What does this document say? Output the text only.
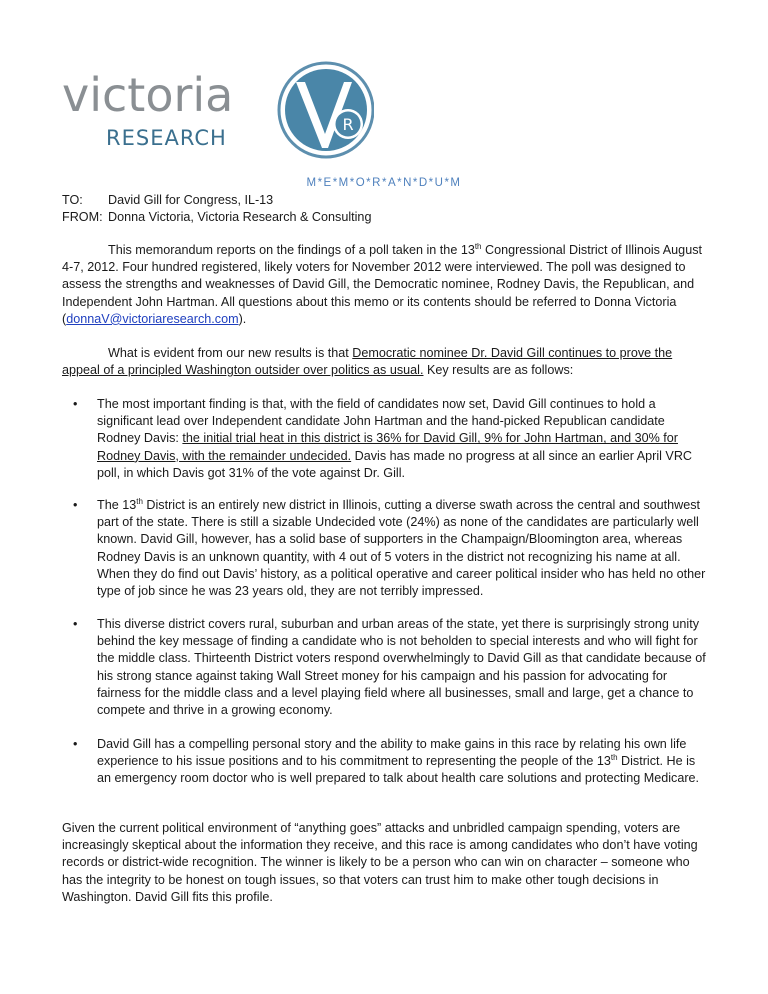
victoria
RESEARCH
R
M*E*M*O*R*A*N*D*U*M
TO: David Gill for Congress, IL-13
FROM: Donna Victoria, Victoria Research & Consulting

This memorandum reports on the findings of a poll taken in the 13th Congressional District of Illinois August 4-7, 2012. Four hundred registered, likely voters for November 2012 were interviewed. The poll was designed to assess the strengths and weaknesses of David Gill, the Democratic nominee, Rodney Davis, the Republican, and Independent John Hartman. All questions about this memo or its contents should be referred to Donna Victoria (donnaV@victoriaresearch.com).

What is evident from our new results is that Democratic nominee Dr. David Gill continues to prove the appeal of a principled Washington outsider over politics as usual. Key results are as follows:

• The most important finding is that, with the field of candidates now set, David Gill continues to hold a significant lead over Independent candidate John Hartman and the hand-picked Republican candidate Rodney Davis: the initial trial heat in this district is 36% for David Gill, 9% for John Hartman, and 30% for Rodney Davis, with the remainder undecided. Davis has made no progress at all since an earlier April VRC poll, in which Davis got 31% of the vote against Dr. Gill.
• The 13th District is an entirely new district in Illinois, cutting a diverse swath across the central and southwest part of the state. There is still a sizable Undecided vote (24%) as none of the candidates are particularly well known. David Gill, however, has a solid base of supporters in the Champaign/Bloomington area, whereas Rodney Davis is an unknown quantity, with 4 out of 5 voters in the district not recognizing his name at all. When they do find out Davis’ history, as a political operative and career political insider who has held no other type of job since he was 23 years old, they are not terribly impressed.
• This diverse district covers rural, suburban and urban areas of the state, yet there is surprisingly strong unity behind the key message of finding a candidate who is not beholden to special interests and who will fight for the middle class. Thirteenth District voters respond overwhelmingly to David Gill as that candidate because of his strong stance against taking Wall Street money for his campaign and his passion for advocating for fairness for the middle class and a level playing field where all businesses, small and large, get a chance to compete and thrive in a growing economy.
• David Gill has a compelling personal story and the ability to make gains in this race by relating his own life experience to his issue positions and to his commitment to representing the people of the 13th District. He is an emergency room doctor who is well prepared to talk about health care solutions and protecting Medicare.

Given the current political environment of “anything goes” attacks and unbridled campaign spending, voters are increasingly skeptical about the information they receive, and this race is among candidates who don’t have voting records or district-wide recognition. The winner is likely to be a person who can win on character – someone who has the integrity to be honest on tough issues, so that voters can trust him to make other tough decisions in Washington. David Gill fits this profile.
